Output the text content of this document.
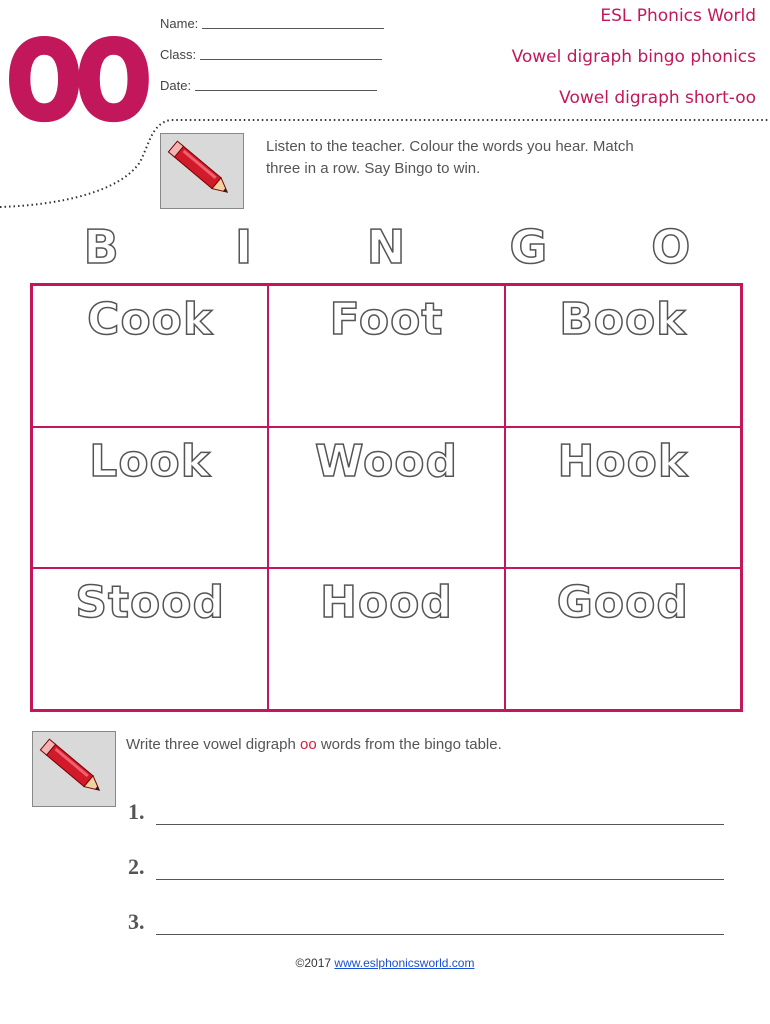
oo Name:
Class:
Date:
ESL Phonics World
Vowel digraph bingo phonics
Vowel digraph short-oo
Listen to the teacher. Colour the words you hear. Match
three in a row. Say Bingo to win.
B	I	N	G	O
Cook	Foot	Book
Look Wood Hook
Stood Hood Good
Write three vowel digraph oo words from the bingo table.
1.
2.
3.
©2017 www.eslphonicsworld.com
